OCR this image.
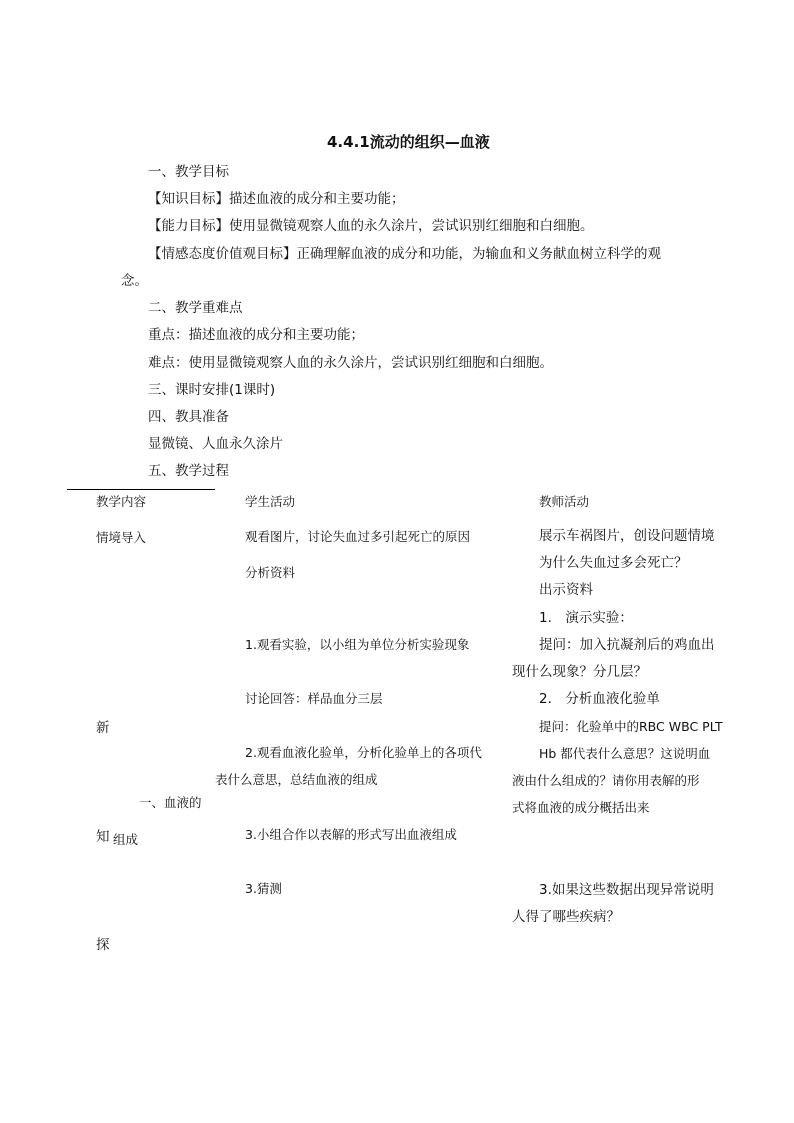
4.4.1流动的组织—血液
一、教学目标
【知识目标】描述血液的成分和主要功能；
【能力目标】使用显微镜观察人血的永久涂片，尝试识别红细胞和白细胞。
【情感态度价值观目标】正确理解血液的成分和功能，为输血和义务献血树立科学的观
念。
二、教学重难点
重点：描述血液的成分和主要功能；
难点：使用显微镜观察人血的永久涂片，尝试识别红细胞和白细胞。
三、课时安排(1课时)
四、教具准备
显微镜、人血永久涂片
五、教学过程
教学内容	学生活动	教师活动
情境导入
新
一、血液的
知 组成
探
观看图片，讨论失血过多引起死亡的原因
分析资料
1.观看实验，以小组为单位分析实验现象
讨论回答：样品血分三层
2.观看血液化验单，分析化验单上的各项代
表什么意思，总结血液的组成
3.小组合作以表解的形式写出血液组成
3.猜测
展示车祸图片，创设问题情境
为什么失血过多会死亡？
出示资料
1.　演示实验：
提问：加入抗凝剂后的鸡血出
现什么现象？分几层？
2.　分析血液化验单
提问：化验单中的RBC WBC PLT
Hb 都代表什么意思？这说明血
液由什么组成的？请你用表解的形
式将血液的成分概括出来
3.如果这些数据出现异常说明
人得了哪些疾病？
